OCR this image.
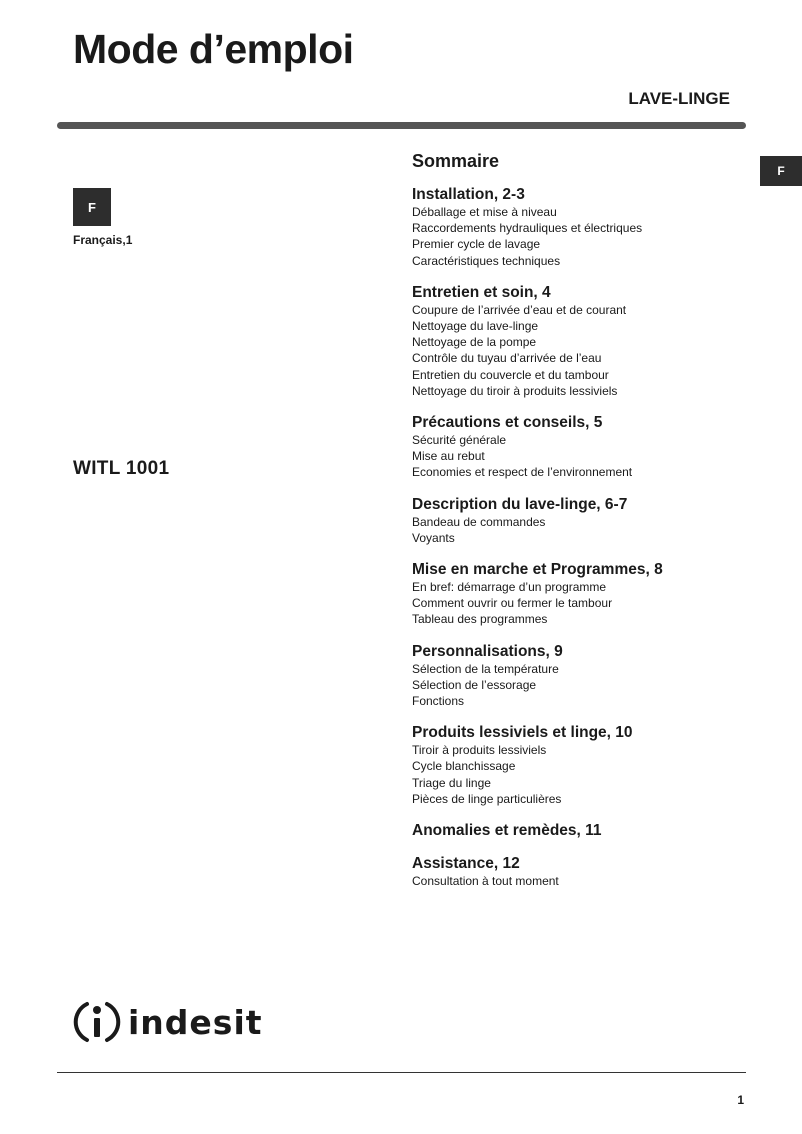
Mode d’emploi
LAVE-LINGE
F
F
Français,1
WITL 1001
Sommaire
Installation, 2-3
Déballage et mise à niveau
Raccordements hydrauliques et électriques
Premier cycle de lavage
Caractéristiques techniques
Entretien et soin, 4
Coupure de l’arrivée d’eau et de courant
Nettoyage du lave-linge
Nettoyage de la pompe
Contrôle du tuyau d’arrivée de l’eau
Entretien du couvercle et du tambour
Nettoyage du tiroir à produits lessiviels
Précautions et conseils, 5
Sécurité générale
Mise au rebut
Economies et respect de l’environnement
Description du lave-linge, 6-7
Bandeau de commandes
Voyants
Mise en marche et Programmes, 8
En bref: démarrage d’un programme
Comment ouvrir ou fermer le tambour
Tableau des programmes
Personnalisations, 9
Sélection de la température
Sélection de l’essorage
Fonctions
Produits lessiviels et linge, 10
Tiroir à produits lessiviels
Cycle blanchissage
Triage du linge
Pièces de linge particulières
Anomalies et remèdes, 11
Assistance, 12
Consultation à tout moment
indesit
1
